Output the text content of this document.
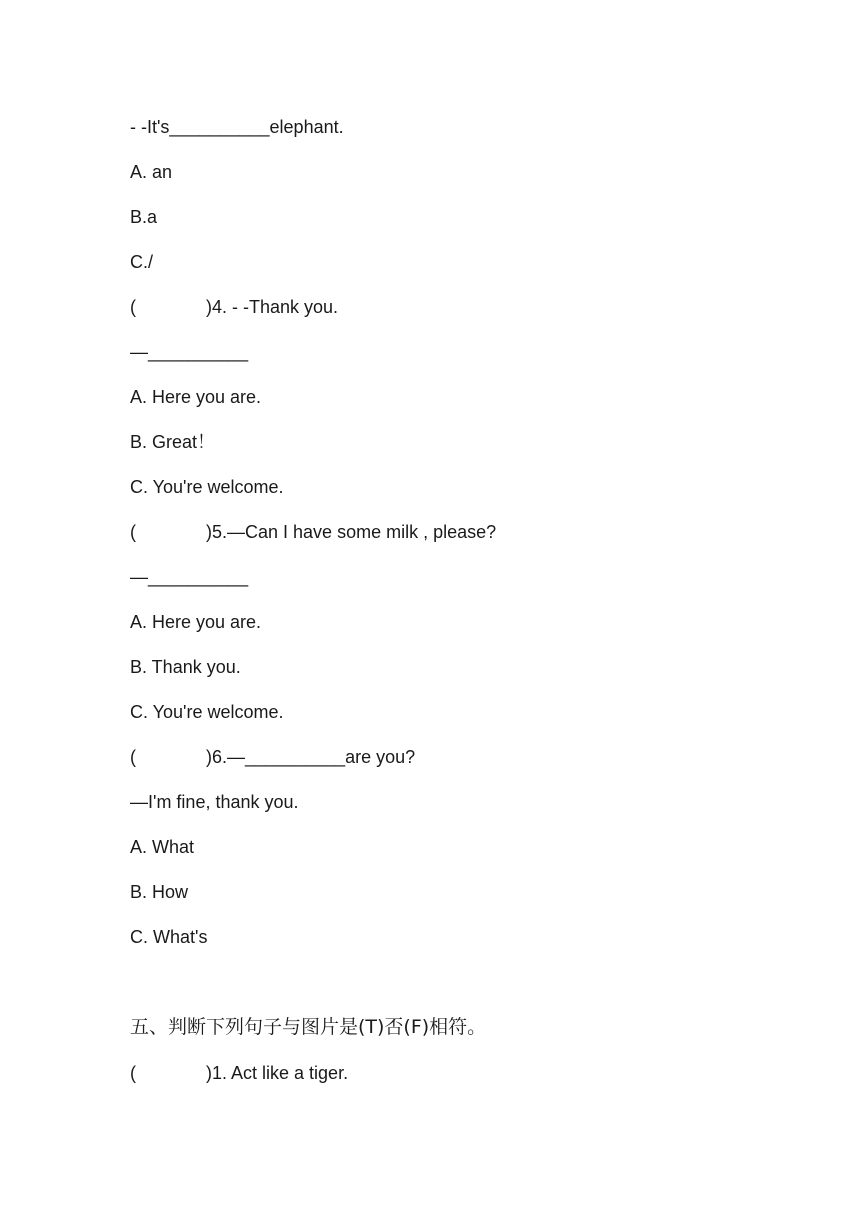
- -It's__________elephant.
A. an
B.a
C./
(              )4. - -Thank you.
—__________
A. Here you are.
B. Great！
C. You're welcome.
(              )5.—Can I have some milk , please?
—__________
A. Here you are.
B. Thank you.
C. You're welcome.
(              )6.—__________are you?
—I'm fine, thank you.
A. What
B. How
C. What's
五、判断下列句子与图片是(T)否(F)相符。
(              )1. Act like a tiger.
